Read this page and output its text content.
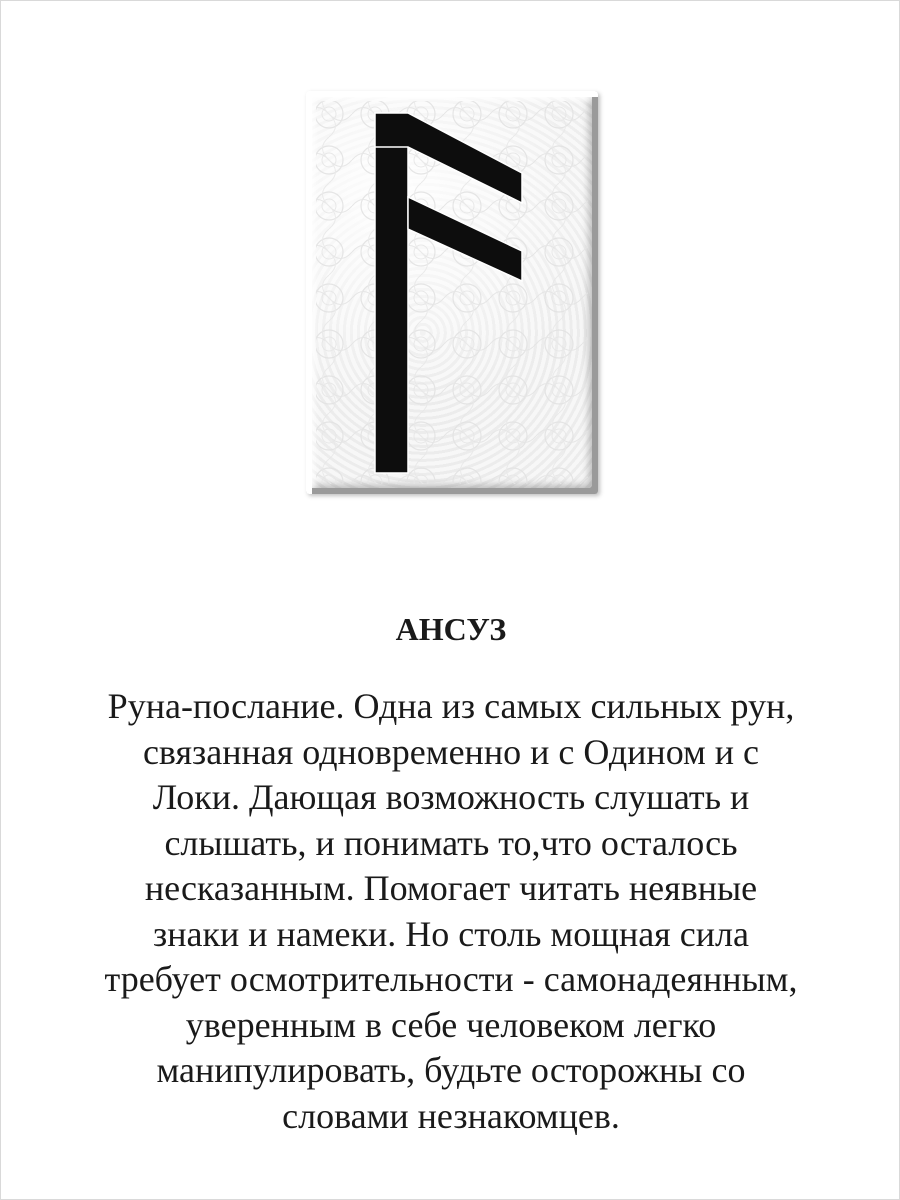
АНСУЗ

Руна-послание. Одна из самых сильных рун,
связанная одновременно и с Одином и с
Локи. Дающая возможность слушать и
слышать, и понимать то,что осталось
несказанным. Помогает читать неявные
знаки и намеки. Но столь мощная сила
требует осмотрительности - самонадеянным,
уверенным в себе человеком легко
манипулировать, будьте осторожны со
словами незнакомцев.
